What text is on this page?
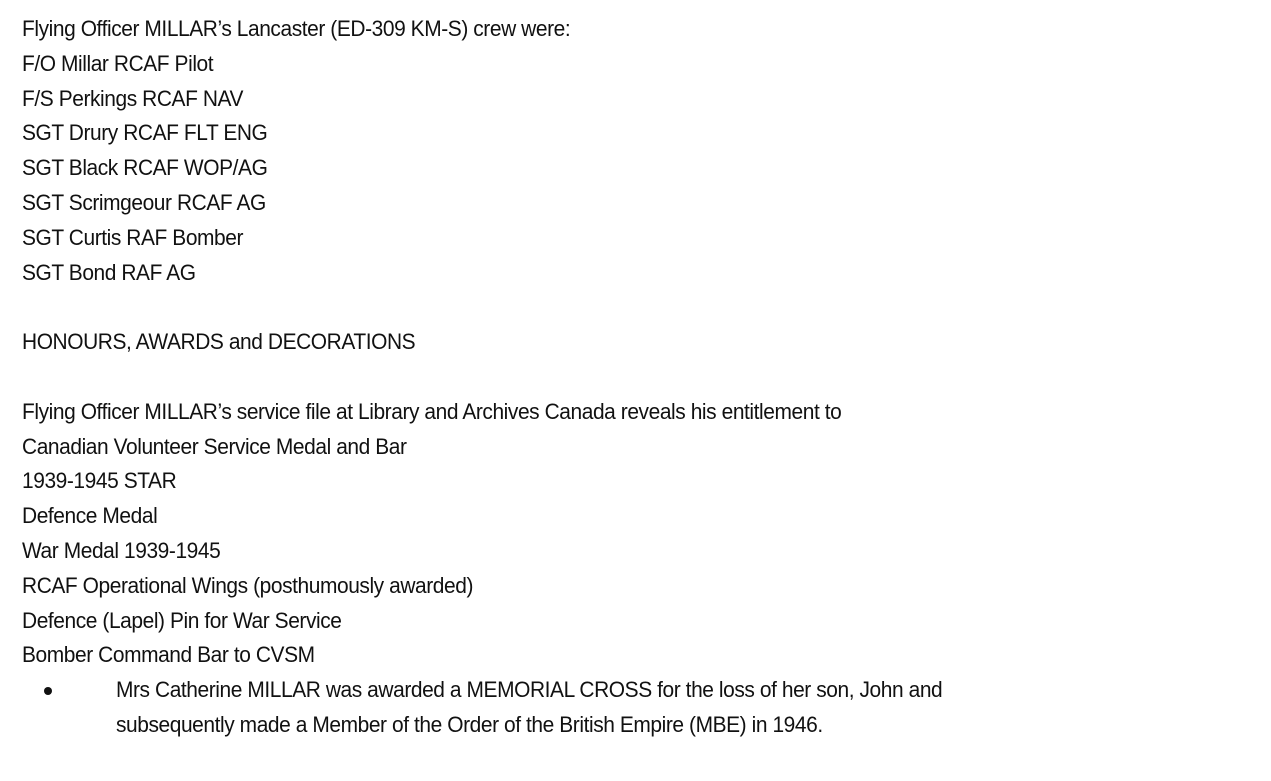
Flying Officer MILLAR’s Lancaster (ED-309 KM-S) crew were:
F/O Millar RCAF Pilot
F/S Perkings RCAF NAV
SGT Drury RCAF FLT ENG
SGT Black RCAF WOP/AG
SGT Scrimgeour RCAF AG
SGT Curtis RAF Bomber
SGT Bond RAF AG
HONOURS, AWARDS and DECORATIONS
Flying Officer MILLAR’s service file at Library and Archives Canada reveals his entitlement to
Canadian Volunteer Service Medal and Bar
1939-1945 STAR
Defence Medal
War Medal 1939-1945
RCAF Operational Wings (posthumously awarded)
Defence (Lapel) Pin for War Service
Bomber Command Bar to CVSM
Mrs Catherine MILLAR was awarded a MEMORIAL CROSS for the loss of her son, John and
subsequently made a Member of the Order of the British Empire (MBE) in 1946.
